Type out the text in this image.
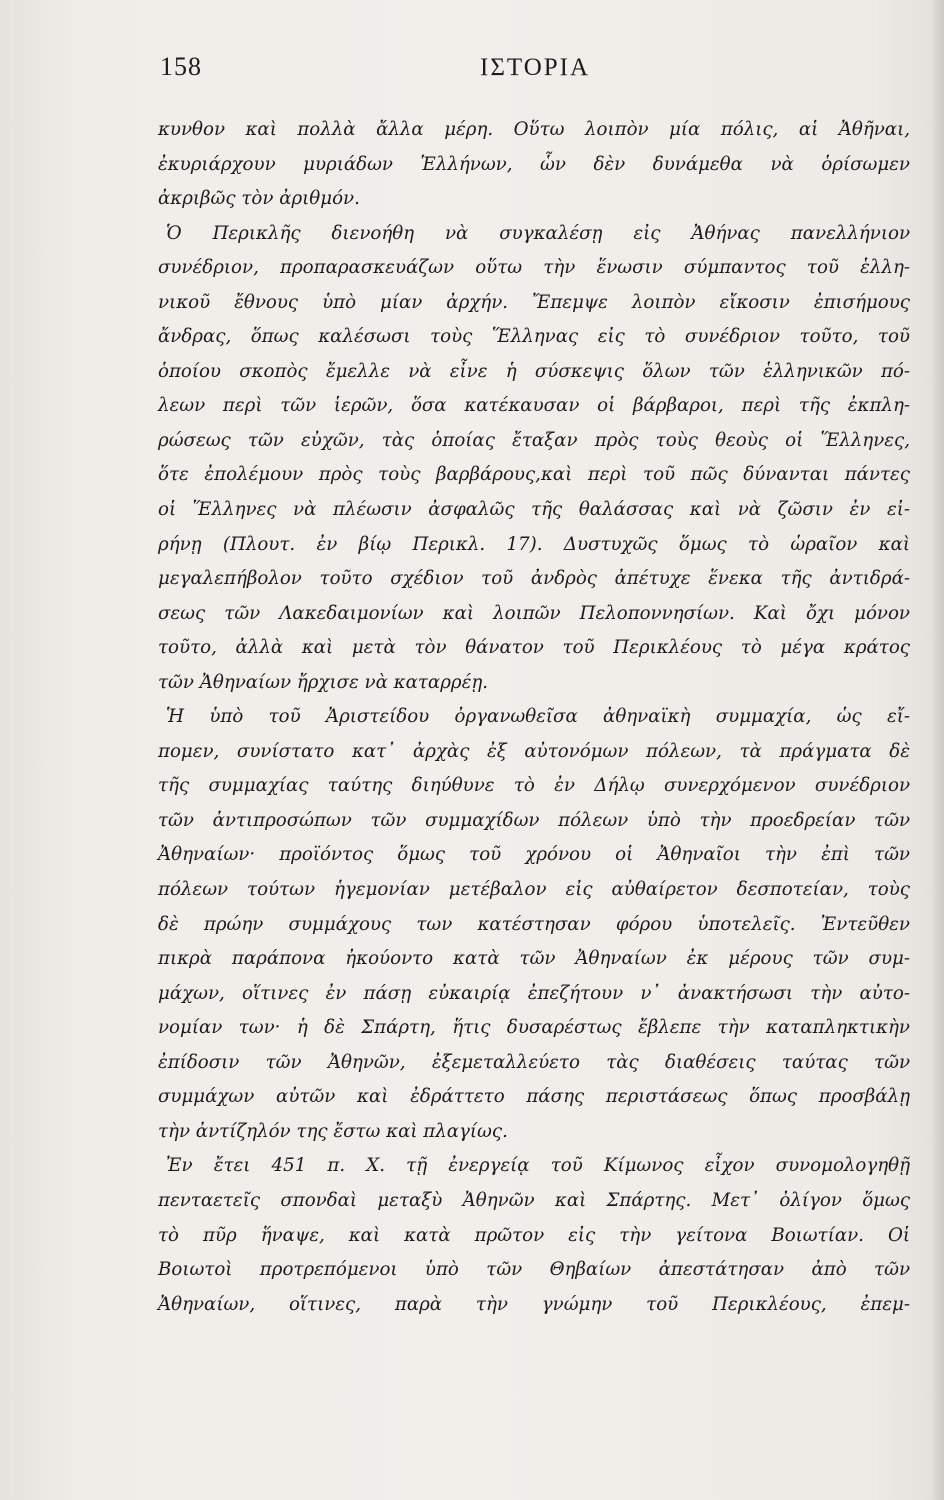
158	ΙΣΤΟΡΙΑ
κυνθον καὶ πολλὰ ἄλλα μέρη. Οὕτω λοιπὸν μία πόλις, αἱ Ἀθῆναι,
ἐκυριάρχουν μυριάδων Ἑλλήνων, ὧν δὲν δυνάμεθα νὰ ὁρίσωμεν
ἀκριβῶς τὸν ἀριθμόν.
Ὁ Περικλῆς διενοήθη νὰ συγκαλέσῃ εἰς Ἀθήνας πανελλήνιον
συνέδριον, προπαρασκευάζων οὕτω τὴν ἕνωσιν σύμπαντος τοῦ ἑλλη-
νικοῦ ἔθνους ὑπὸ μίαν ἀρχήν. Ἔπεμψε λοιπὸν εἴκοσιν ἐπισήμους
ἄνδρας, ὅπως καλέσωσι τοὺς Ἕλληνας εἰς τὸ συνέδριον τοῦτο, τοῦ
ὁποίου σκοπὸς ἔμελλε νὰ εἶνε ἡ σύσκεψις ὅλων τῶν ἑλληνικῶν πό-
λεων περὶ τῶν ἱερῶν, ὅσα κατέκαυσαν οἱ βάρβαροι, περὶ τῆς ἐκπλη-
ρώσεως τῶν εὐχῶν, τὰς ὁποίας ἔταξαν πρὸς τοὺς θεοὺς οἱ Ἕλληνες,
ὅτε ἐπολέμουν πρὸς τοὺς βαρβάρους,καὶ περὶ τοῦ πῶς δύνανται πάντες
οἱ Ἕλληνες νὰ πλέωσιν ἀσφαλῶς τῆς θαλάσσας καὶ νὰ ζῶσιν ἐν εἰ-
ρήνῃ (Πλουτ. ἐν βίῳ Περικλ. 17). Δυστυχῶς ὅμως τὸ ὡραῖον καὶ
μεγαλεπήβολον τοῦτο σχέδιον τοῦ ἀνδρὸς ἀπέτυχε ἕνεκα τῆς ἀντιδρά-
σεως τῶν Λακεδαιμονίων καὶ λοιπῶν Πελοποννησίων. Καὶ ὄχι μόνον
τοῦτο, ἀλλὰ καὶ μετὰ τὸν θάνατον τοῦ Περικλέους τὸ μέγα κράτος
τῶν Ἀθηναίων ἤρχισε νὰ καταρρέῃ.
Ἡ ὑπὸ τοῦ Ἀριστείδου ὀργανωθεῖσα ἀθηναϊκὴ συμμαχία, ὡς εἴ-
πομεν, συνίστατο κατ᾿ ἀρχὰς ἐξ αὐτονόμων πόλεων, τὰ πράγματα δὲ
τῆς συμμαχίας ταύτης διηύθυνε τὸ ἐν Δήλῳ συνερχόμενον συνέδριον
τῶν ἀντιπροσώπων τῶν συμμαχίδων πόλεων ὑπὸ τὴν προεδρείαν τῶν
Ἀθηναίων· προϊόντος ὅμως τοῦ χρόνου οἱ Ἀθηναῖοι τὴν ἐπὶ τῶν
πόλεων τούτων ἡγεμονίαν μετέβαλον εἰς αὐθαίρετον δεσποτείαν, τοὺς
δὲ πρώην συμμάχους των κατέστησαν φόρου ὑποτελεῖς. Ἐντεῦθεν
πικρὰ παράπονα ἠκούοντο κατὰ τῶν Ἀθηναίων ἐκ μέρους τῶν συμ-
μάχων, οἵτινες ἐν πάσῃ εὐκαιρίᾳ ἐπεζήτουν ν᾿ ἀνακτήσωσι τὴν αὐτο-
νομίαν των· ἡ δὲ Σπάρτη, ἥτις δυσαρέστως ἔβλεπε τὴν καταπληκτικὴν
ἐπίδοσιν τῶν Ἀθηνῶν, ἐξεμεταλλεύετο τὰς διαθέσεις ταύτας τῶν
συμμάχων αὐτῶν καὶ ἐδράττετο πάσης περιστάσεως ὅπως προσβάλῃ
τὴν ἀντίζηλόν της ἔστω καὶ πλαγίως.
Ἐν ἔτει 451 π. Χ. τῇ ἐνεργείᾳ τοῦ Κίμωνος εἶχον συνομολογηθῇ
πενταετεῖς σπονδαὶ μεταξὺ Ἀθηνῶν καὶ Σπάρτης. Μετ᾿ ὀλίγον ὅμως
τὸ πῦρ ἥναψε, καὶ κατὰ πρῶτον εἰς τὴν γείτονα Βοιωτίαν. Οἱ
Βοιωτοὶ προτρεπόμενοι ὑπὸ τῶν Θηβαίων ἀπεστάτησαν ἀπὸ τῶν
Ἀθηναίων, οἵτινες, παρὰ τὴν γνώμην τοῦ Περικλέους, ἐπεμ-
